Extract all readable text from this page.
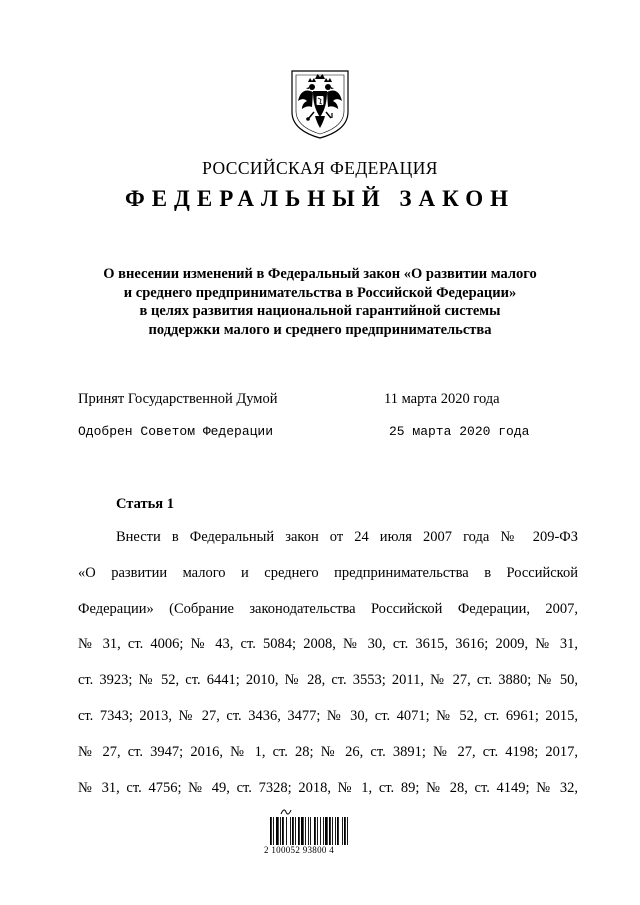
РОССИЙСКАЯ ФЕДЕРАЦИЯ
ФЕДЕРАЛЬНЫЙ ЗАКОН
О внесении изменений в Федеральный закон «О развитии малого
и среднего предпринимательства в Российской Федерации»
в целях развития национальной гарантийной системы
поддержки малого и среднего предпринимательства
Принят Государственной Думой	11 марта 2020 года
Одобрен Советом Федерации	25 марта 2020 года
Статья 1
Внести в Федеральный закон от 24 июля 2007 года № 209-ФЗ
«О развитии малого и среднего предпринимательства в Российской
Федерации» (Собрание законодательства Российской Федерации, 2007,
№ 31, ст. 4006; № 43, ст. 5084; 2008, № 30, ст. 3615, 3616; 2009, № 31,
ст. 3923; № 52, ст. 6441; 2010, № 28, ст. 3553; 2011, № 27, ст. 3880; № 50,
ст. 7343; 2013, № 27, ст. 3436, 3477; № 30, ст. 4071; № 52, ст. 6961; 2015,
№ 27, ст. 3947; 2016, № 1, ст. 28; № 26, ст. 3891; № 27, ст. 4198; 2017,
№ 31, ст. 4756; № 49, ст. 7328; 2018, № 1, ст. 89; № 28, ст. 4149; № 32,
2 100052 93800 4
